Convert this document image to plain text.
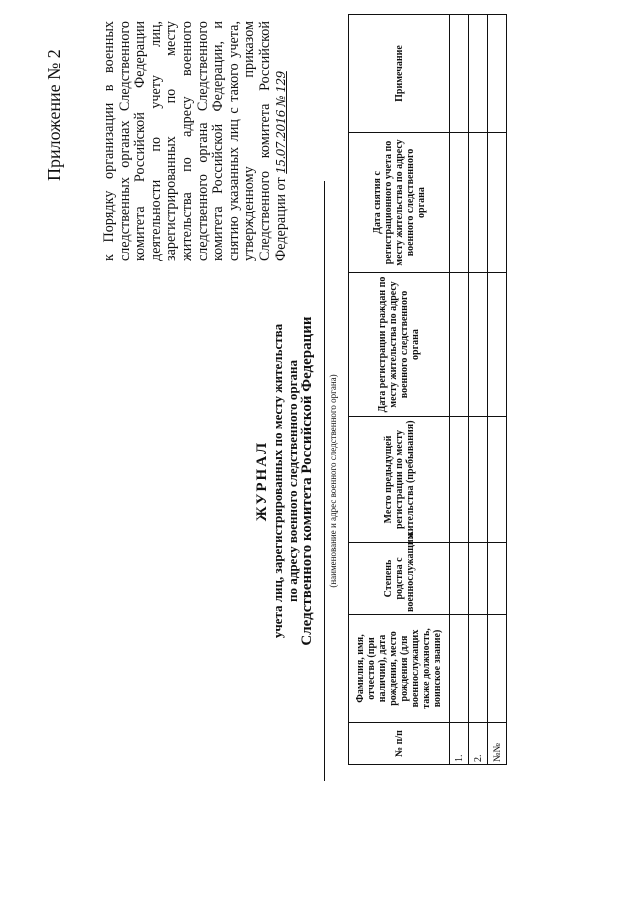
Приложение № 2	к Порядку организации в военных следственных органах Следственного комитета Российской Федерации деятельности по учету лиц, зарегистрированных по месту жительства по адресу военного следственного органа Следственного комитета Российской Федерации, и снятию указанных лиц с такого учета, утвержденному приказом Следственного комитета Российской Федерации от 15.07.2016 № 129
ЖУРНАЛ учета лиц, зарегистрированных по месту жительства по адресу военного следственного органа Следственного комитета Российской Федерации (наименование и адрес военного следственного органа)
№ п/п	Фамилия, имя, отчество (при наличии), дата рождения, место рождения (для военнослужащих также должность, воинское звание)	Степень родства с военнослужащим	Место предыдущей регистрации по месту жительства (пребывания)	Дата регистрации граждан по месту жительства по адресу военного следственного органа	Дата снятия с регистрационного учета по месту жительства по адресу военного следственного органа	Примечание
1.						
2.						
№№						
